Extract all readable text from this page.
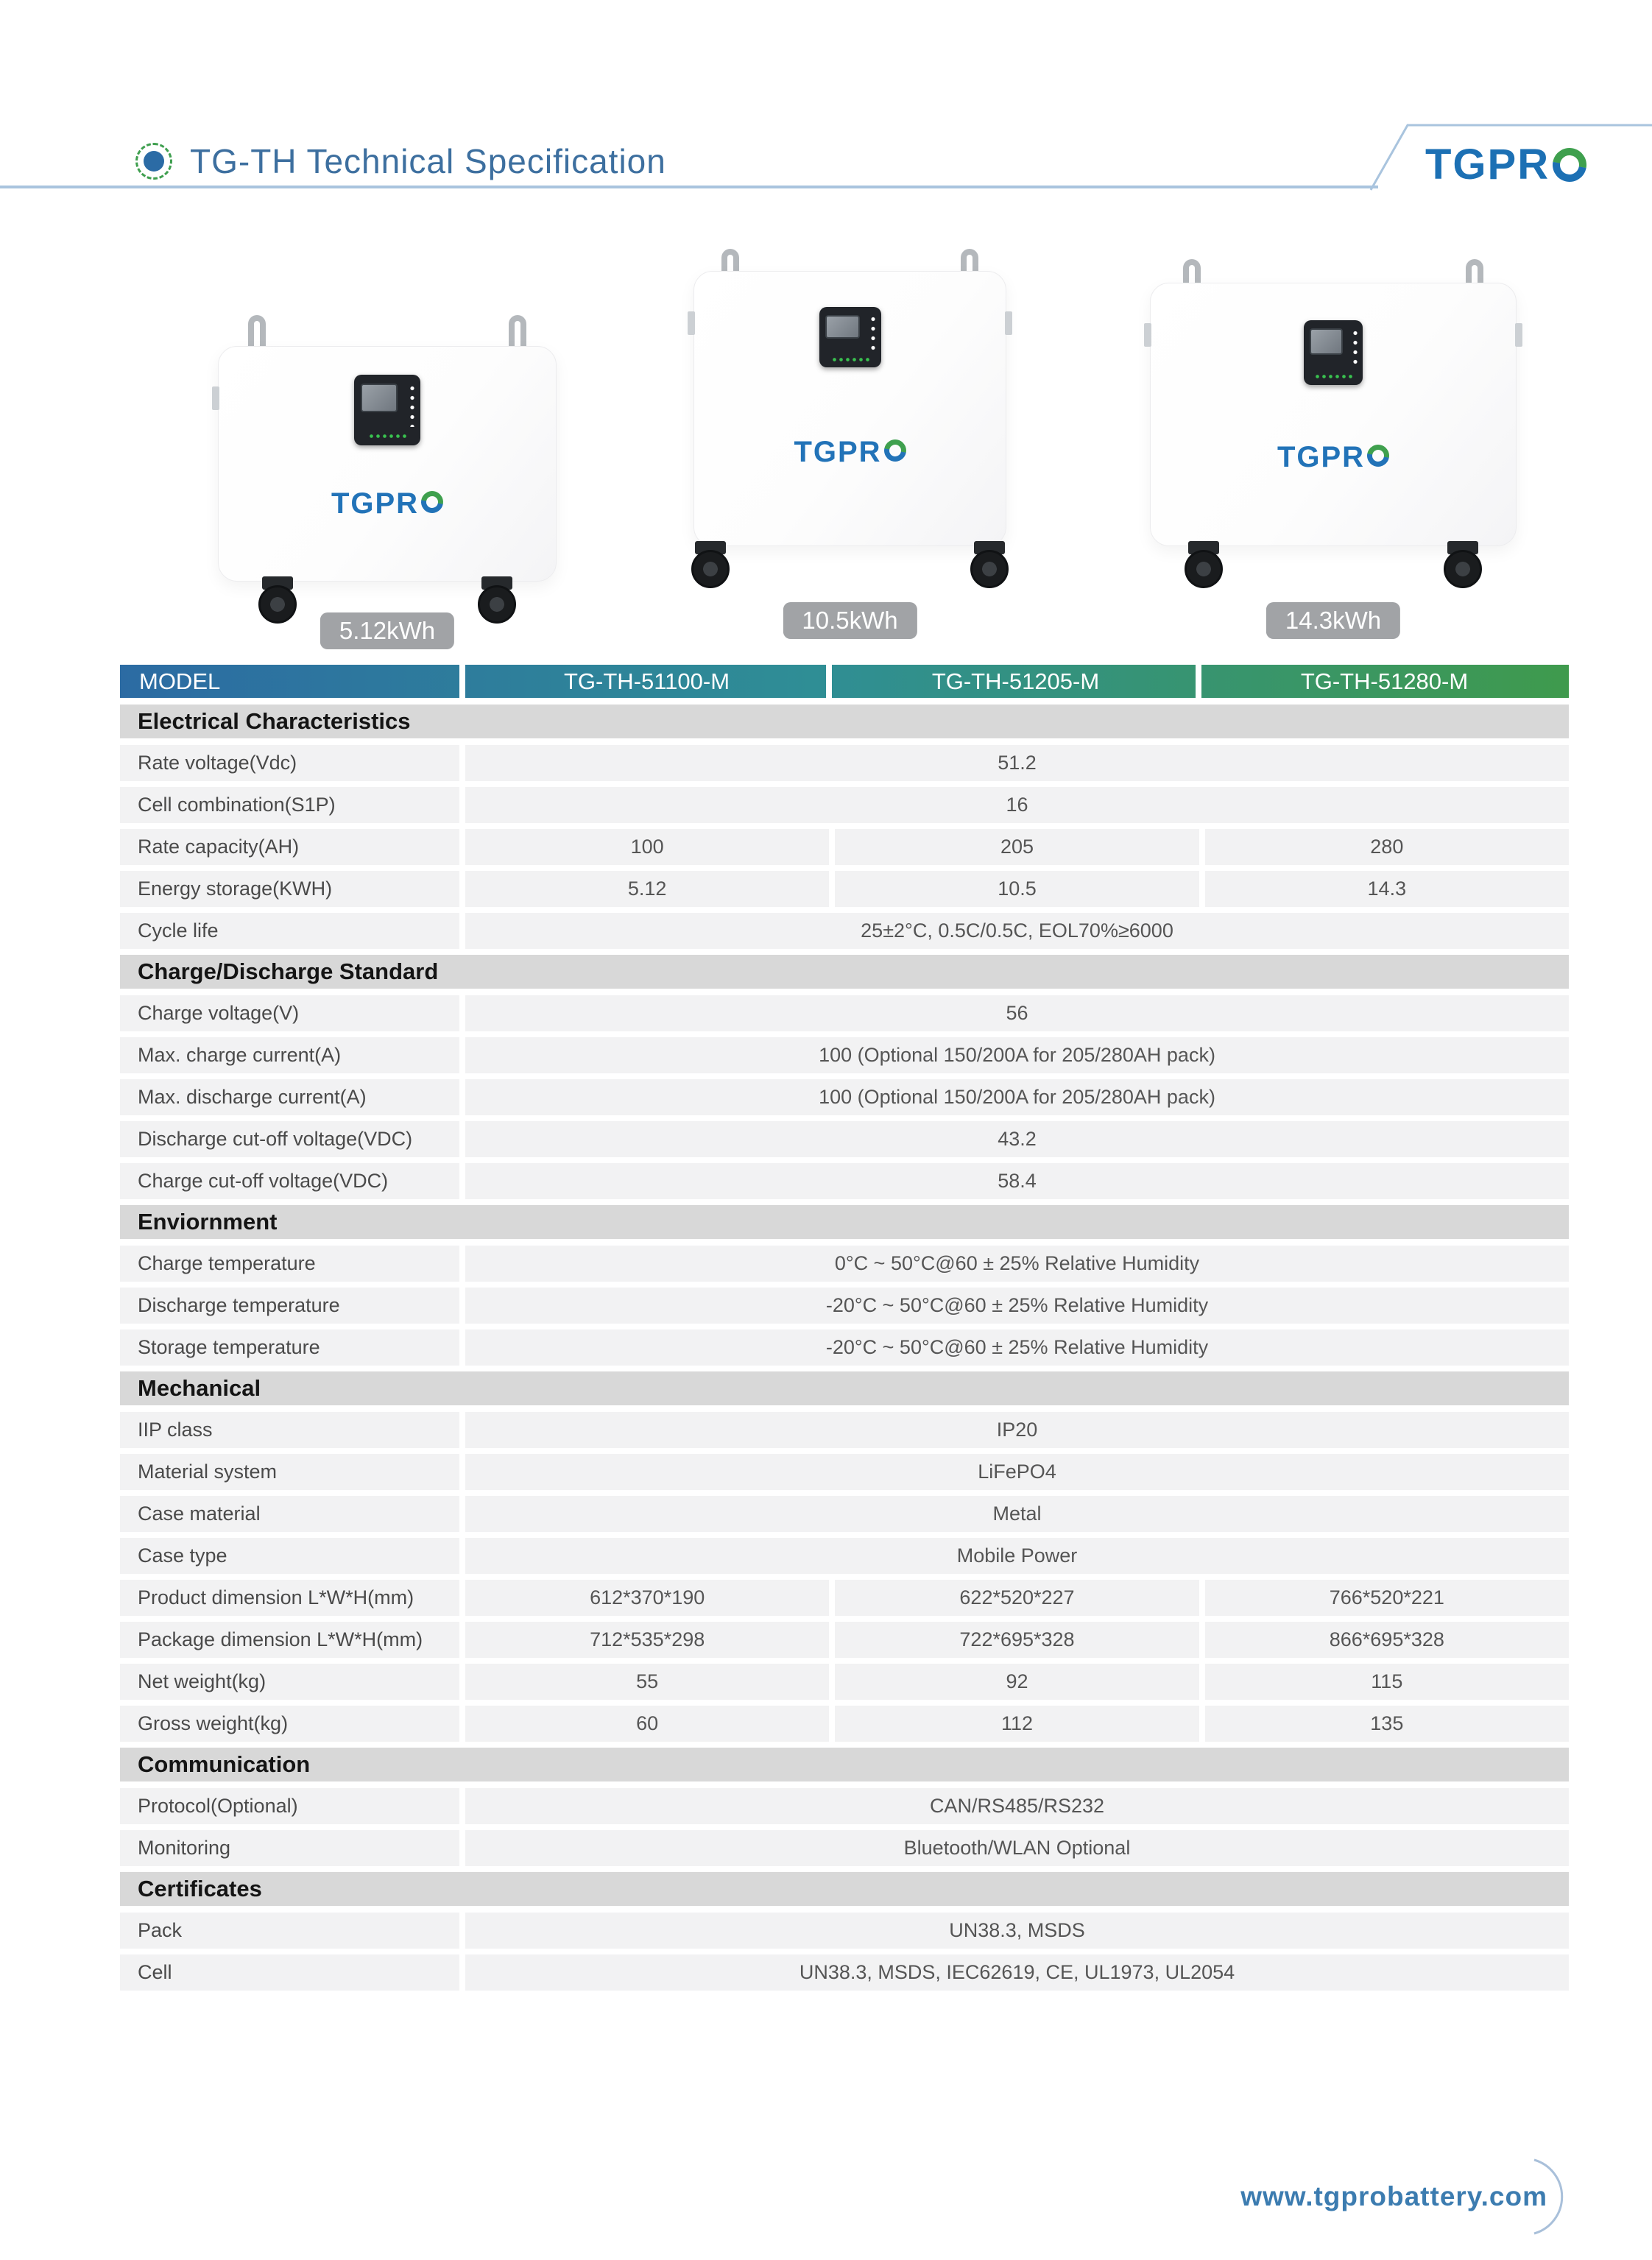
TG-TH Technical Specification	TGPR
TGPR
5.12kWh
TGPR
10.5kWh
TGPR
14.3kWh
MODEL	TG-TH-51100-M	TG-TH-51205-M	TG-TH-51280-M
Electrical Characteristics
Rate voltage(Vdc)	51.2
Cell combination(S1P)	16
Rate capacity(AH)	100	205	280
Energy storage(KWH)	5.12	10.5	14.3
Cycle life	25±2°C, 0.5C/0.5C, EOL70%≥6000
Charge/Discharge Standard
Charge voltage(V)	56
Max. charge current(A)	100 (Optional 150/200A for 205/280AH pack)
Max. discharge current(A)	100 (Optional 150/200A for 205/280AH pack)
Discharge cut-off voltage(VDC)	43.2
Charge cut-off voltage(VDC)	58.4
Enviornment
Charge temperature	0°C ~ 50°C@60 ± 25% Relative Humidity
Discharge temperature	-20°C ~ 50°C@60 ± 25% Relative Humidity
Storage temperature	-20°C ~ 50°C@60 ± 25% Relative Humidity
Mechanical
IIP class	IP20
Material system	LiFePO4
Case material	Metal
Case type	Mobile Power
Product dimension L*W*H(mm)	612*370*190	622*520*227	766*520*221
Package dimension L*W*H(mm)	712*535*298	722*695*328	866*695*328
Net weight(kg)	55	92	115
Gross weight(kg)	60	112	135
Communication
Protocol(Optional)	CAN/RS485/RS232
Monitoring	Bluetooth/WLAN Optional
Certificates
Pack	UN38.3, MSDS
Cell	UN38.3, MSDS, IEC62619, CE, UL1973, UL2054
www.tgprobattery.com
